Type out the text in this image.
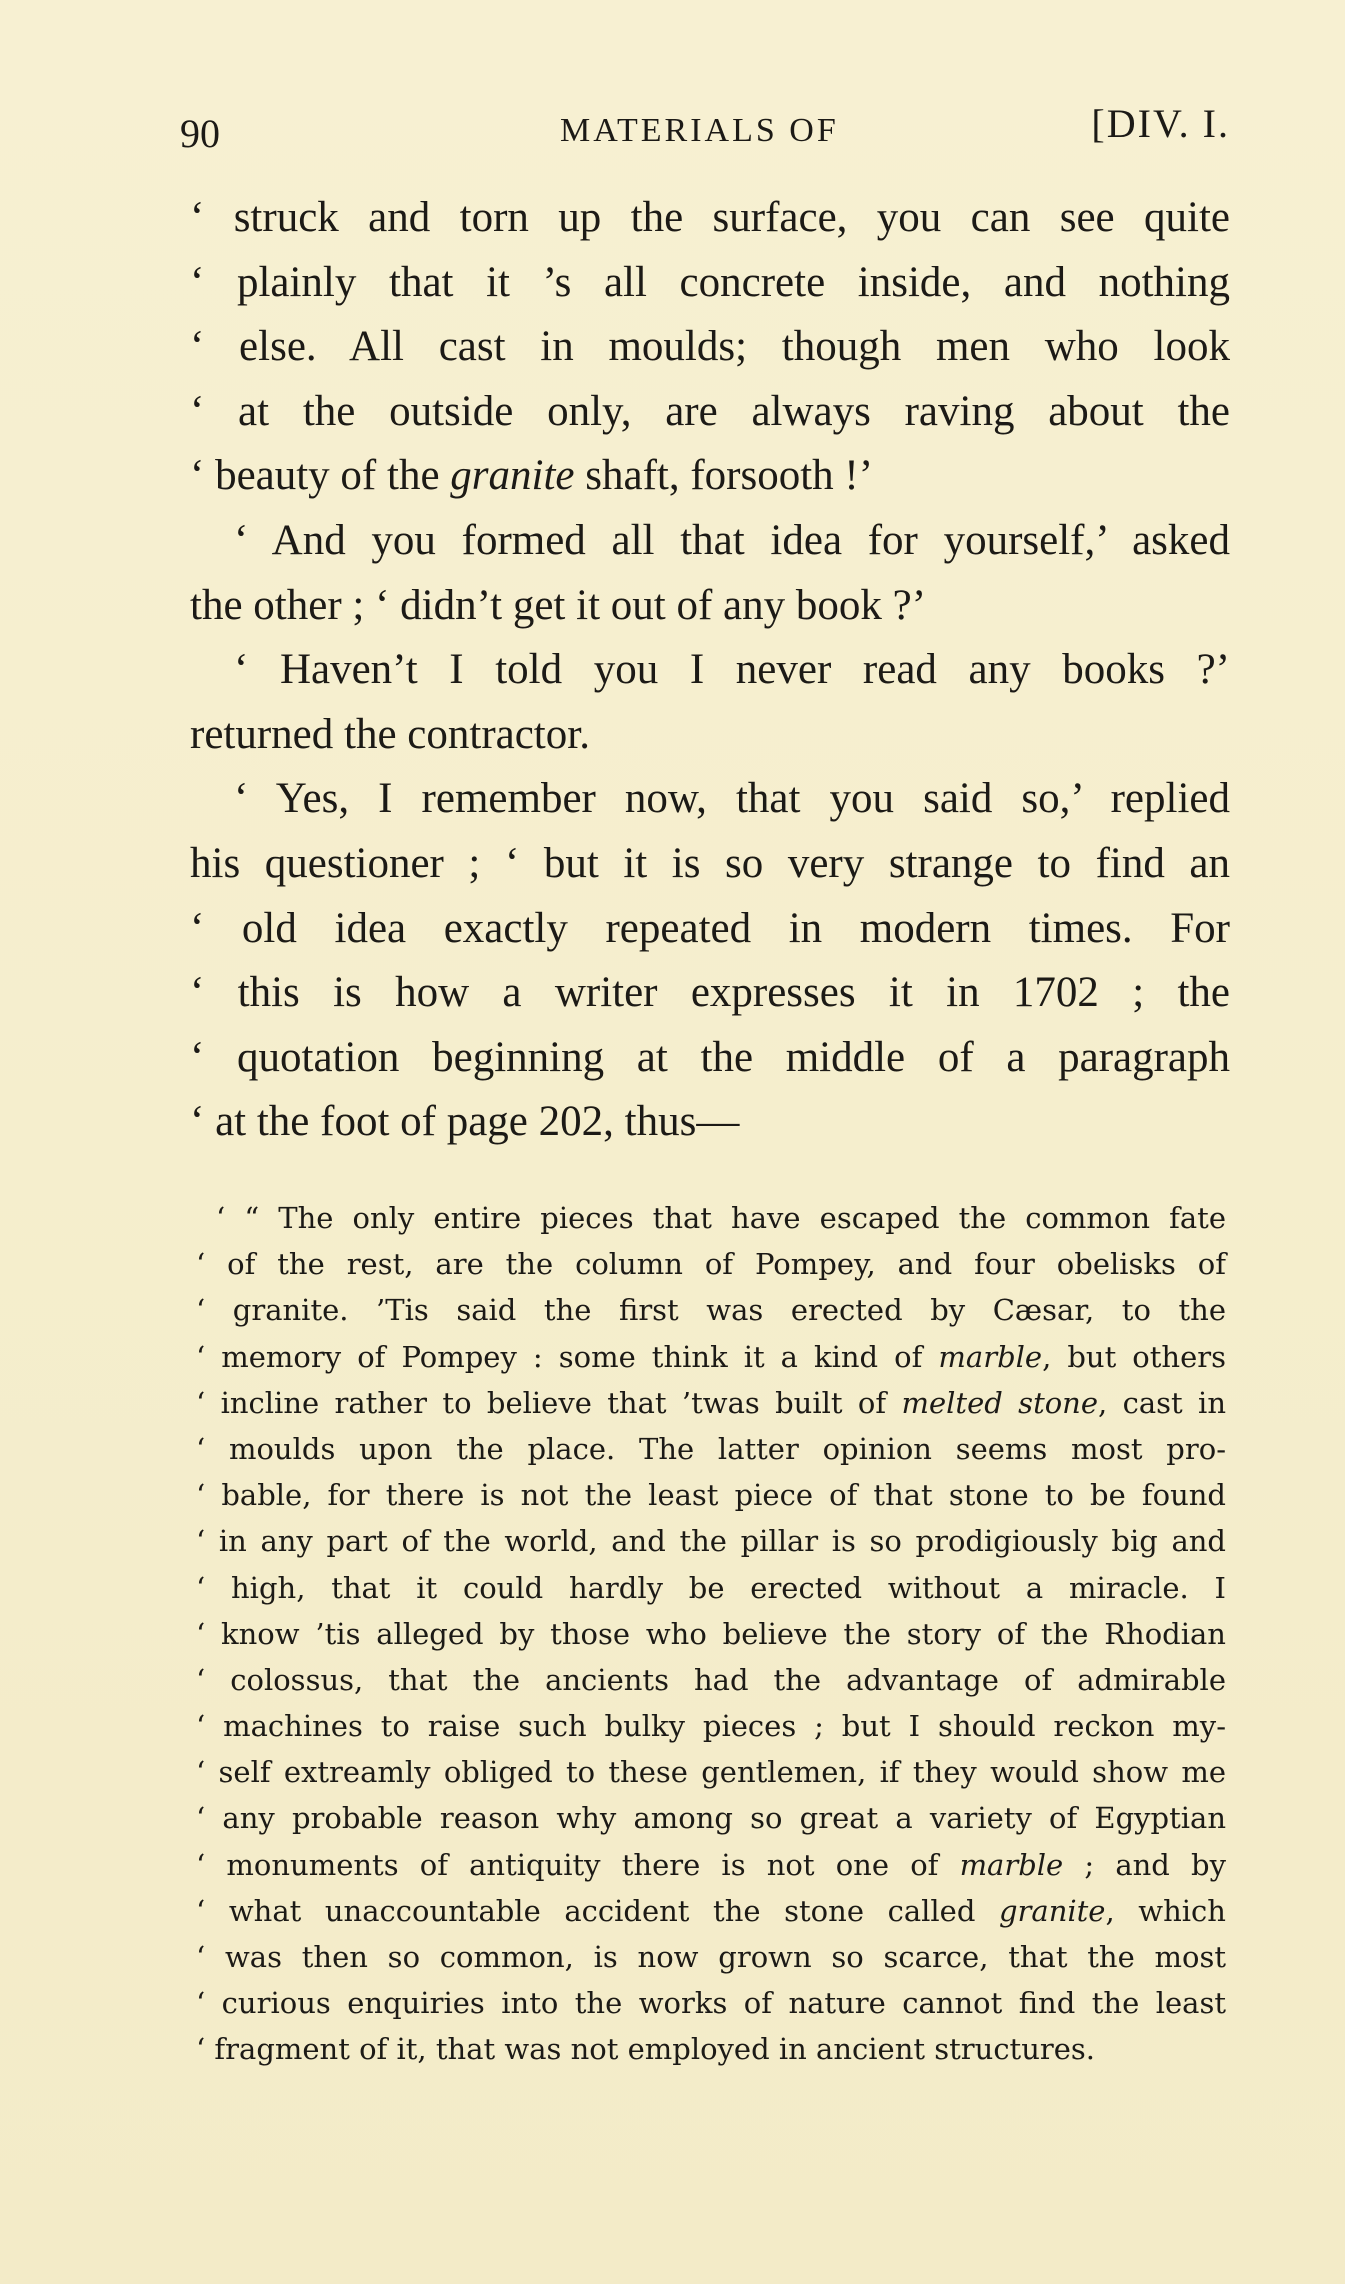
90	MATERIALS OF	[DIV. I.
‘ struck and torn up the surface, you can see quite
‘ plainly that it ’s all concrete inside, and nothing
‘ else. All cast in moulds; though men who look
‘ at the outside only, are always raving about the
‘ beauty of the granite shaft, forsooth !’
‘ And you formed all that idea for yourself,’ asked
the other ; ‘ didn’t get it out of any book ?’
‘ Haven’t I told you I never read any books ?’
returned the contractor.
‘ Yes, I remember now, that you said so,’ replied
his questioner ; ‘ but it is so very strange to find an
‘ old idea exactly repeated in modern times. For
‘ this is how a writer expresses it in 1702 ; the
‘ quotation beginning at the middle of a paragraph
‘ at the foot of page 202, thus—
‘ “ The only entire pieces that have escaped the common fate
‘ of the rest, are the column of Pompey, and four obelisks of
‘ granite. ’Tis said the first was erected by Cæsar, to the
‘ memory of Pompey : some think it a kind of marble, but others
‘ incline rather to believe that ’twas built of melted stone, cast in
‘ moulds upon the place. The latter opinion seems most pro-
‘ bable, for there is not the least piece of that stone to be found
‘ in any part of the world, and the pillar is so prodigiously big and
‘ high, that it could hardly be erected without a miracle. I
‘ know ’tis alleged by those who believe the story of the Rhodian
‘ colossus, that the ancients had the advantage of admirable
‘ machines to raise such bulky pieces ; but I should reckon my-
‘ self extreamly obliged to these gentlemen, if they would show me
‘ any probable reason why among so great a variety of Egyptian
‘ monuments of antiquity there is not one of marble ; and by
‘ what unaccountable accident the stone called granite, which
‘ was then so common, is now grown so scarce, that the most
‘ curious enquiries into the works of nature cannot find the least
‘ fragment of it, that was not employed in ancient structures.
